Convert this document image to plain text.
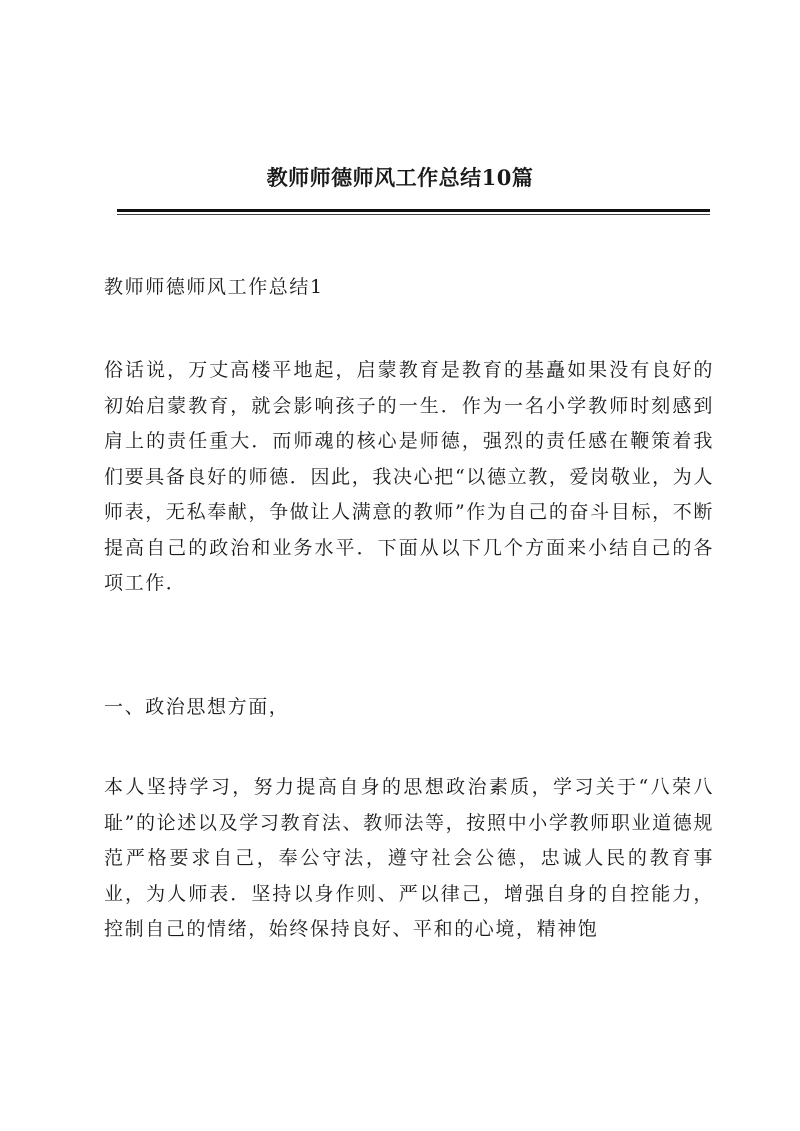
教师师德师风工作总结10篇

教师师德师风工作总结1

俗话说，万丈高楼平地起，启蒙教育是教育的基矗如果没有良好的初始启蒙教育，就会影响孩子的一生．作为一名小学教师时刻感到肩上的责任重大．而师魂的核心是师德，强烈的责任感在鞭策着我们要具备良好的师德．因此，我决心把“以德立教，爱岗敬业，为人师表，无私奉献，争做让人满意的教师”作为自己的奋斗目标，不断提高自己的政治和业务水平．下面从以下几个方面来小结自己的各项工作．

一、政治思想方面，

本人坚持学习，努力提高自身的思想政治素质，学习关于“八荣八耻”的论述以及学习教育法、教师法等，按照中小学教师职业道德规范严格要求自己，奉公守法，遵守社会公德，忠诚人民的教育事业，为人师表．坚持以身作则、严以律己，增强自身的自控能力，控制自己的情绪，始终保持良好、平和的心境，精神饱
